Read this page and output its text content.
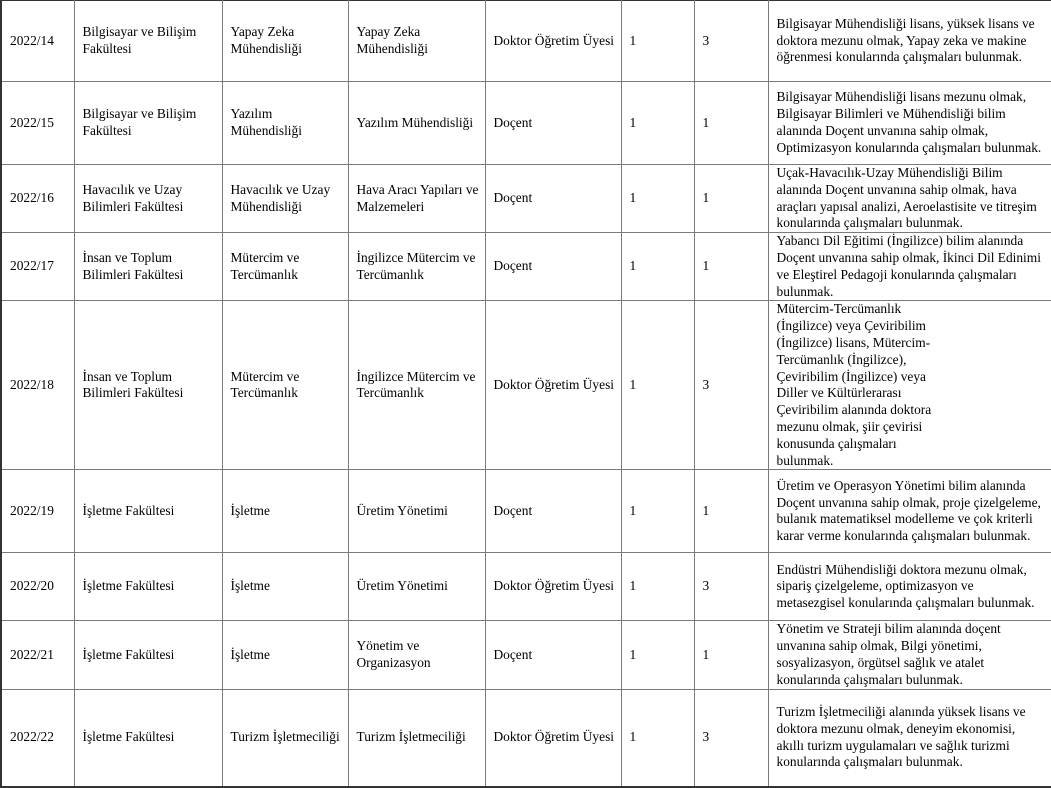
2022/14	Bilgisayar ve Bilişim Fakültesi	Yapay Zeka Mühendisliği	Yapay Zeka Mühendisliği	Doktor Öğretim Üyesi	1	3	Bilgisayar Mühendisliği lisans, yüksek lisans ve doktora mezunu olmak, Yapay zeka ve makine öğrenmesi konularında çalışmaları bulunmak.
2022/15	Bilgisayar ve Bilişim Fakültesi	Yazılım Mühendisliği	Yazılım Mühendisliği	Doçent	1	1	Bilgisayar Mühendisliği lisans mezunu olmak, Bilgisayar Bilimleri ve Mühendisliği bilim alanında Doçent unvanına sahip olmak, Optimizasyon konularında çalışmaları bulunmak.
2022/16	Havacılık ve Uzay Bilimleri Fakültesi	Havacılık ve Uzay Mühendisliği	Hava Aracı Yapıları ve Malzemeleri	Doçent	1	1	Uçak-Havacılık-Uzay Mühendisliği Bilim alanında Doçent unvanına sahip olmak, hava araçları yapısal analizi, Aeroelastisite ve titreşim konularında çalışmaları bulunmak.
2022/17	İnsan ve Toplum Bilimleri Fakültesi	Mütercim ve Tercümanlık	İngilizce Mütercim ve Tercümanlık	Doçent	1	1	Yabancı Dil Eğitimi (İngilizce) bilim alanında Doçent unvanına sahip olmak, İkinci Dil Edinimi ve Eleştirel Pedagoji konularında çalışmaları bulunmak.
2022/18	İnsan ve Toplum Bilimleri Fakültesi	Mütercim ve Tercümanlık	İngilizce Mütercim ve Tercümanlık	Doktor Öğretim Üyesi	1	3	Mütercim-Tercümanlık (İngilizce) veya Çeviribilim (İngilizce) lisans, Mütercim-Tercümanlık (İngilizce), Çeviribilim (İngilizce) veya Diller ve Kültürlerarası Çeviribilim alanında doktora mezunu olmak, şiir çevirisi konusunda çalışmaları bulunmak.
2022/19	İşletme Fakültesi	İşletme	Üretim Yönetimi	Doçent	1	1	Üretim ve Operasyon Yönetimi bilim alanında Doçent unvanına sahip olmak, proje çizelgeleme, bulanık matematiksel modelleme ve çok kriterli karar verme konularında çalışmaları bulunmak.
2022/20	İşletme Fakültesi	İşletme	Üretim Yönetimi	Doktor Öğretim Üyesi	1	3	Endüstri Mühendisliği doktora mezunu olmak, sipariş çizelgeleme, optimizasyon ve metasezgisel konularında çalışmaları bulunmak.
2022/21	İşletme Fakültesi	İşletme	Yönetim ve Organizasyon	Doçent	1	1	Yönetim ve Strateji bilim alanında doçent unvanına sahip olmak, Bilgi yönetimi, sosyalizasyon, örgütsel sağlık ve atalet konularında çalışmaları bulunmak.
2022/22	İşletme Fakültesi	Turizm İşletmeciliği	Turizm İşletmeciliği	Doktor Öğretim Üyesi	1	3	Turizm İşletmeciliği alanında yüksek lisans ve doktora mezunu olmak, deneyim ekonomisi, akıllı turizm uygulamaları ve sağlık turizmi konularında çalışmaları bulunmak.
